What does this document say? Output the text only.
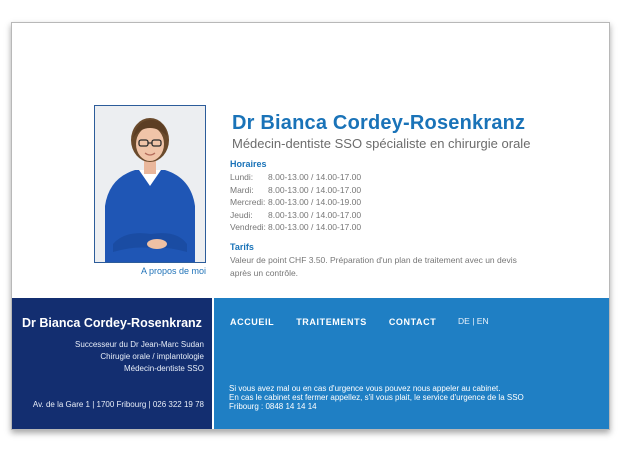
A propos de moi
Dr Bianca Cordey-Rosenkranz

Médecin-dentiste SSO spécialiste en chirurgie orale

Horaires
Lundi: 8.00-13.00 / 14.00-17.00
Mardi: 8.00-13.00 / 14.00-17.00
Mercredi: 8.00-13.00 / 14.00-19.00
Jeudi: 8.00-13.00 / 14.00-17.00
Vendredi: 8.00-13.00 / 14.00-17.00
Tarifs

Valeur de point CHF 3.50. Préparation d'un plan de traitement avec un devis après un contrôle.

Dr Bianca Cordey-Rosenkranz
Successeur du Dr Jean-Marc Sudan
Chirugie orale / implantologie
Médecin-dentiste SSO
Av. de la Gare 1 | 1700 Fribourg | 026 322 19 78
ACCUEIL TRAITEMENTS CONTACT	DE | EN

Si vous avez mal ou en cas d'urgence vous pouvez nous appeler au cabinet.
En cas le cabinet est fermer appellez, s'il vous plait, le service d'urgence de la SSO
Fribourg : 0848 14 14 14
